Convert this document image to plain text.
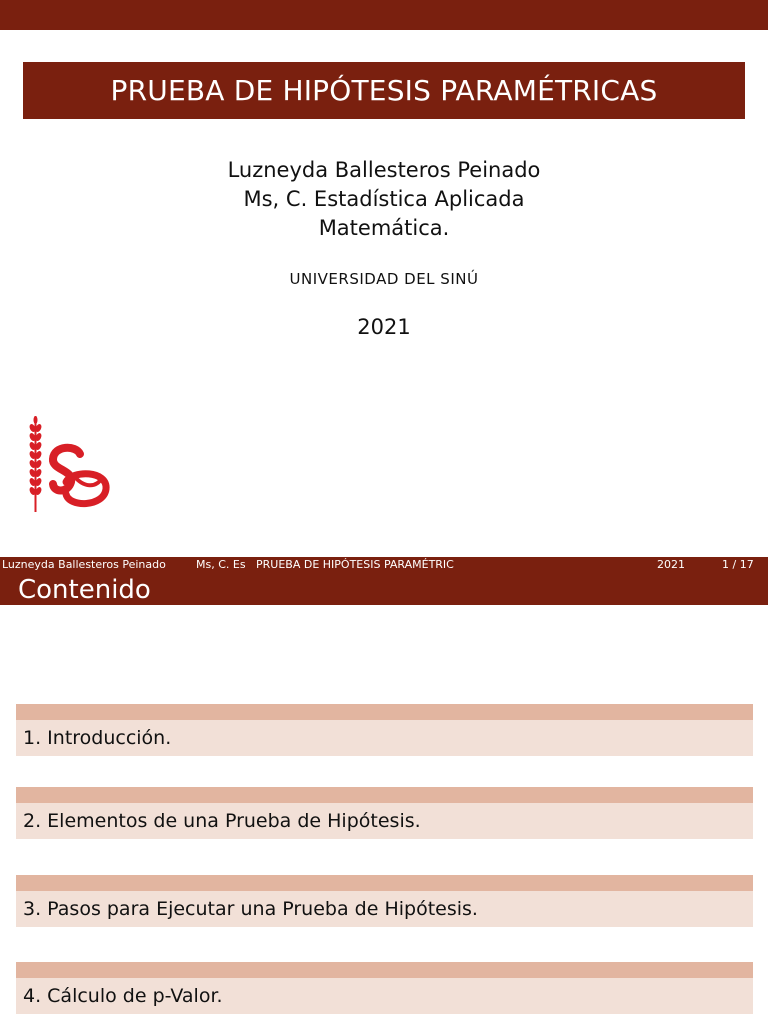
PRUEBA DE HIPÓTESIS PARAMÉTRICAS
Luzneyda Ballesteros Peinado
Ms, C. Estadística Aplicada
Matemática.
UNIVERSIDAD DEL SINÚ
2021
Luzneyda Ballesteros Peinado	Ms, C. Es PRUEBA DE HIPÓTESIS PARAMÉTRIC	2021	1 / 17
Contenido
1. Introducción.
2. Elementos de una Prueba de Hipótesis.
3. Pasos para Ejecutar una Prueba de Hipótesis.
4. Cálculo de p-Valor.
